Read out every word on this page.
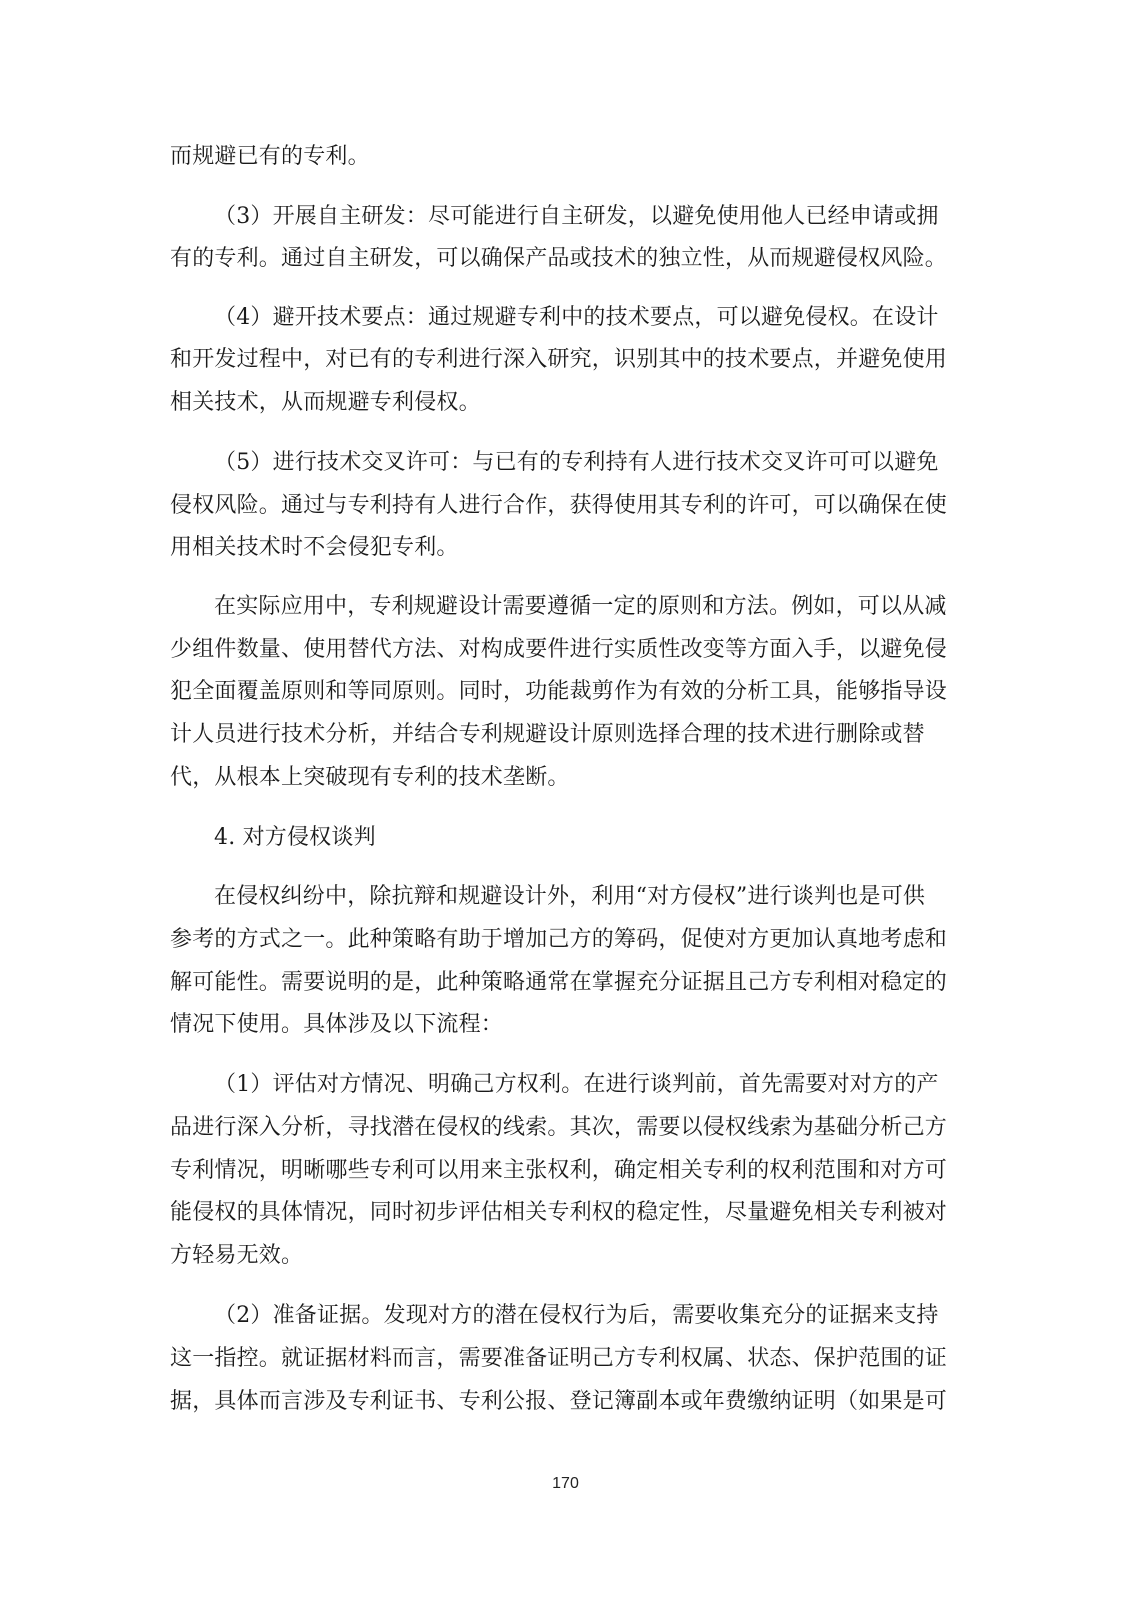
而规避已有的专利。
（3）开展自主研发：尽可能进行自主研发，以避免使用他人已经申请或拥
有的专利。通过自主研发，可以确保产品或技术的独立性，从而规避侵权风险。
（4）避开技术要点：通过规避专利中的技术要点，可以避免侵权。在设计
和开发过程中，对已有的专利进行深入研究，识别其中的技术要点，并避免使用
相关技术，从而规避专利侵权。
（5）进行技术交叉许可：与已有的专利持有人进行技术交叉许可可以避免
侵权风险。通过与专利持有人进行合作，获得使用其专利的许可，可以确保在使
用相关技术时不会侵犯专利。
在实际应用中，专利规避设计需要遵循一定的原则和方法。例如，可以从减
少组件数量、使用替代方法、对构成要件进行实质性改变等方面入手，以避免侵
犯全面覆盖原则和等同原则。同时，功能裁剪作为有效的分析工具，能够指导设
计人员进行技术分析，并结合专利规避设计原则选择合理的技术进行删除或替
代，从根本上突破现有专利的技术垄断。
4. 对方侵权谈判
在侵权纠纷中，除抗辩和规避设计外，利用“对方侵权”进行谈判也是可供
参考的方式之一。此种策略有助于增加己方的筹码，促使对方更加认真地考虑和
解可能性。需要说明的是，此种策略通常在掌握充分证据且己方专利相对稳定的
情况下使用。具体涉及以下流程：
（1）评估对方情况、明确己方权利。在进行谈判前，首先需要对对方的产
品进行深入分析，寻找潜在侵权的线索。其次，需要以侵权线索为基础分析己方
专利情况，明晰哪些专利可以用来主张权利，确定相关专利的权利范围和对方可
能侵权的具体情况，同时初步评估相关专利权的稳定性，尽量避免相关专利被对
方轻易无效。
（2）准备证据。发现对方的潜在侵权行为后，需要收集充分的证据来支持
这一指控。就证据材料而言，需要准备证明己方专利权属、状态、保护范围的证
据，具体而言涉及专利证书、专利公报、登记簿副本或年费缴纳证明（如果是可
170
